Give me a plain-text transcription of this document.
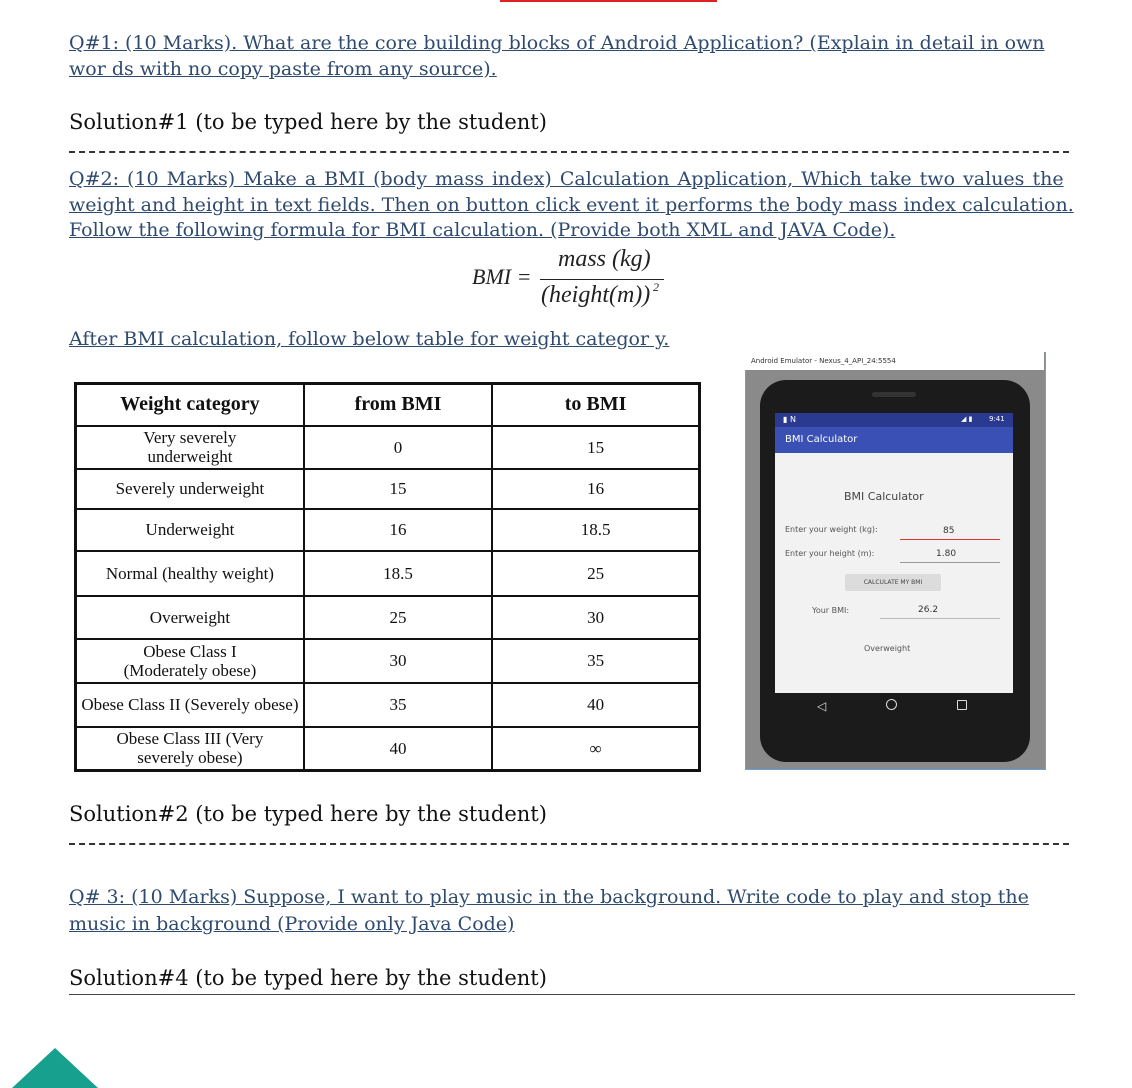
Q#1: (10 Marks). What are the core building blocks of Android Application? (Explain in detail in own
wor ds with no copy paste from any source).
Solution#1 (to be typed here by the student)
Q#2: (10 Marks) Make a BMI (body mass index) Calculation Application, Which take two values the
weight and height in text fields. Then on button click event it performs the body mass index calculation.
Follow the following formula for BMI calculation. (Provide both XML and JAVA Code).
BMI =
mass (kg)
(height(m)) 2
After BMI calculation, follow below table for weight categor y.
Weight category	from BMI	to BMI
Very severely underweight	0	15
Severely underweight	15	16
Underweight	16	18.5
Normal (healthy weight)	18.5	25
Overweight	25	30
Obese Class I (Moderately obese)	30	35
Obese Class II (Severely obese)	35	40
Obese Class III (Very severely obese)	40	∞
Android Emulator - Nexus_4_API_24:5554
▮ N	◢ ▮ 9:41
BMI Calculator
BMI Calculator
Enter your weight (kg):	85
Enter your height (m):	1.80
CALCULATE MY BMI
Your BMI:	26.2
Overweight
◁
Solution#2 (to be typed here by the student)
Q# 3: (10 Marks) Suppose, I want to play music in the background. Write code to play and stop the
music in background (Provide only Java Code)
Solution#4 (to be typed here by the student)
